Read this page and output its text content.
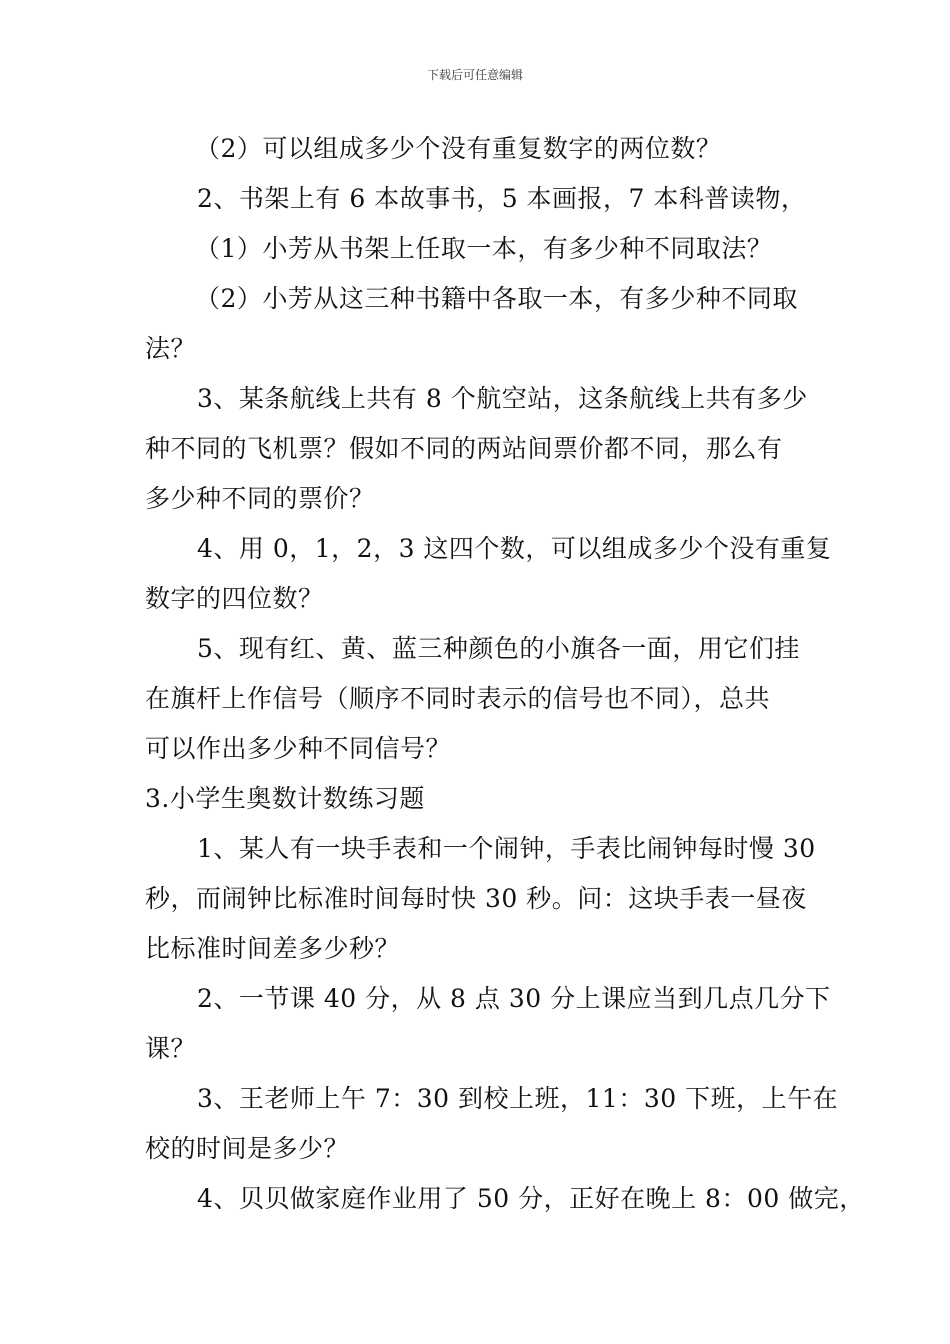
下载后可任意编辑
（2）可以组成多少个没有重复数字的两位数？
2、书架上有 6 本故事书，5 本画报，7 本科普读物，
（1）小芳从书架上任取一本，有多少种不同取法？
（2）小芳从这三种书籍中各取一本，有多少种不同取
法？
3、某条航线上共有 8 个航空站，这条航线上共有多少
种不同的飞机票？假如不同的两站间票价都不同，那么有
多少种不同的票价？
4、用 0，1，2，3 这四个数，可以组成多少个没有重复
数字的四位数？
5、现有红、黄、蓝三种颜色的小旗各一面，用它们挂
在旗杆上作信号（顺序不同时表示的信号也不同），总共
可以作出多少种不同信号？
3.小学生奥数计数练习题
1、某人有一块手表和一个闹钟，手表比闹钟每时慢 30
秒，而闹钟比标准时间每时快 30 秒。问：这块手表一昼夜
比标准时间差多少秒？
2、一节课 40 分，从 8 点 30 分上课应当到几点几分下
课？
3、王老师上午 7：30 到校上班，11：30 下班，上午在
校的时间是多少？
4、贝贝做家庭作业用了 50 分，正好在晚上 8：00 做完，
